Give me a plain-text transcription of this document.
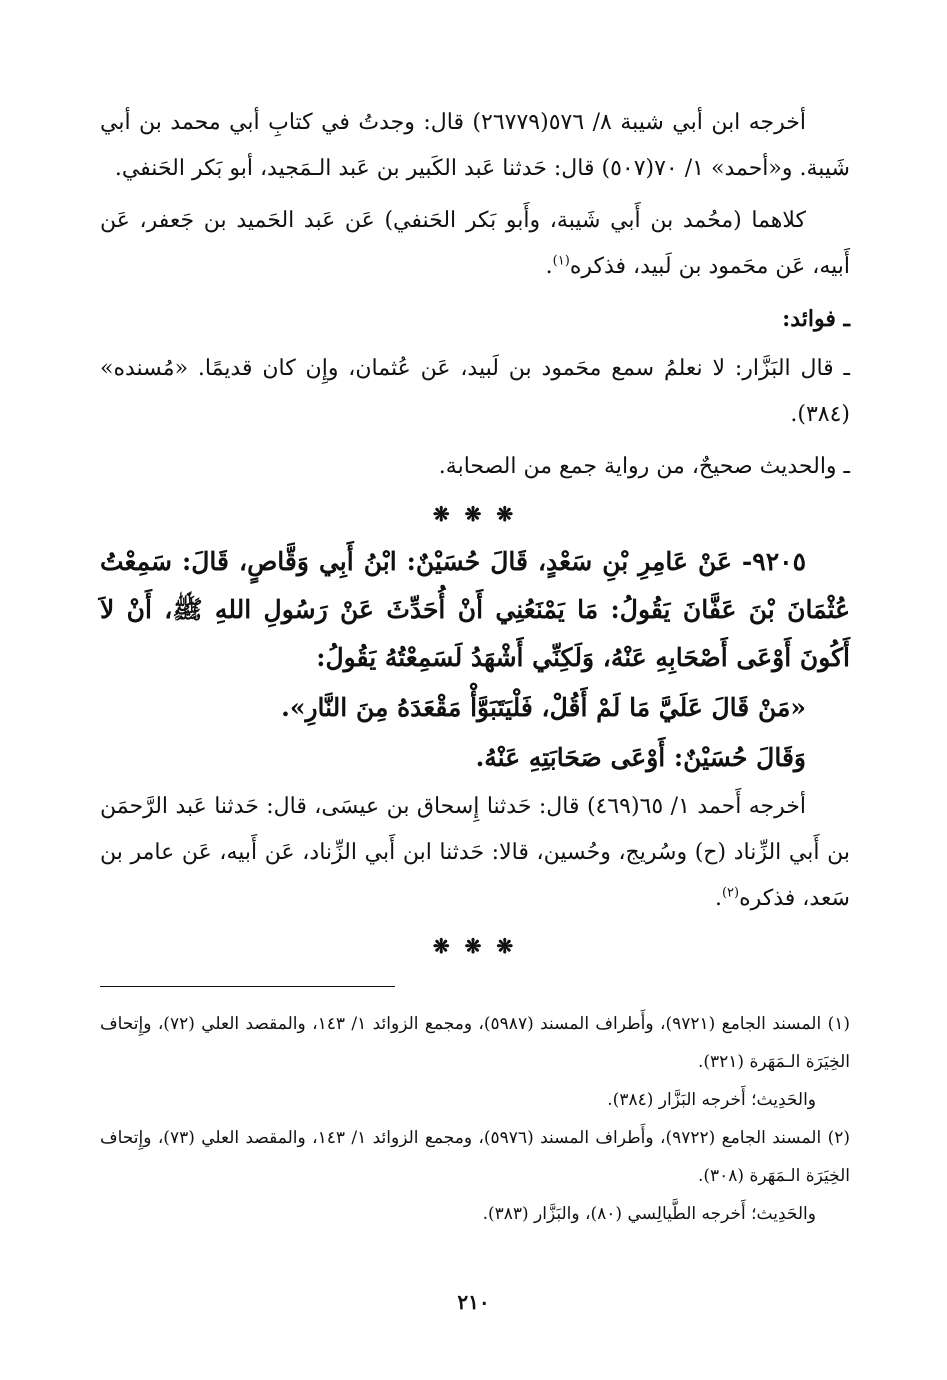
أخرجه ابن أبي شيبة ٨/ ٥٧٦(٢٦٧٧٩) قال: وجدتُ في كتابِ أبي محمد بن أبي شَيبة. و«أحمد» ١/ ٧٠(٥٠٧) قال: حَدثنا عَبد الكَبير بن عَبد الـمَجيد، أبو بَكر الحَنفي.

كلاهما (محُمد بن أَبي شَيبة، وأَبو بَكر الحَنفي) عَن عَبد الحَميد بن جَعفر، عَن أَبيه، عَن محَمود بن لَبيد، فذكره$^{(١)}$.

ـ فوائد:

ـ قال البَزَّار: لا نعلمُ سمع محَمود بن لَبيد، عَن عُثمان، وإِن كان قديمًا. «مُسنده» (٣٨٤).

ـ والحديث صحيحٌ، من رواية جمع من الصحابة.

❋ ❋ ❋

٩٢٠٥- عَنْ عَامِرِ بْنِ سَعْدٍ، قَالَ حُسَيْنٌ: ابْنُ أَبِي وَقَّاصٍ، قَالَ: سَمِعْتُ عُثْمَانَ بْنَ عَفَّانَ يَقُولُ: مَا يَمْنَعُنِي أَنْ أُحَدِّثَ عَنْ رَسُولِ اللهِ ﷺ، أَنْ لاَ أَكُونَ أَوْعَى أَصْحَابِهِ عَنْهُ، وَلَكِنِّي أَشْهَدُ لَسَمِعْتُهُ يَقُولُ:

«مَنْ قَالَ عَلَيَّ مَا لَمْ أَقُلْ، فَلْيَتَبَوَّأْ مَقْعَدَهُ مِنَ النَّارِ».

وَقَالَ حُسَيْنٌ: أَوْعَى صَحَابَتِهِ عَنْهُ.

أخرجه أَحمد ١/ ٦٥(٤٦٩) قال: حَدثنا إِسحاق بن عيسَى، قال: حَدثنا عَبد الرَّحمَن بن أَبي الزِّناد (ح) وسُريج، وحُسين، قالا: حَدثنا ابن أَبي الزِّناد، عَن أَبيه، عَن عامر بن سَعد، فذكره$^{(٢)}$.

❋ ❋ ❋

(١) المسند الجامع (٩٧٢١)، وأَطراف المسند (٥٩٨٧)، ومجمع الزوائد ١/ ١٤٣، والمقصد العلي (٧٢)، وإِتحاف الخِيَرَة الـمَهَرة (٣٢١).

والحَدِيث؛ أَخرجه البَزَّار (٣٨٤).

(٢) المسند الجامع (٩٧٢٢)، وأَطراف المسند (٥٩٧٦)، ومجمع الزوائد ١/ ١٤٣، والمقصد العلي (٧٣)، وإِتحاف الخِيَرَة الـمَهَرة (٣٠٨).

والحَدِيث؛ أَخرجه الطَّيالِسي (٨٠)، والبَزَّار (٣٨٣).

٢١٠
